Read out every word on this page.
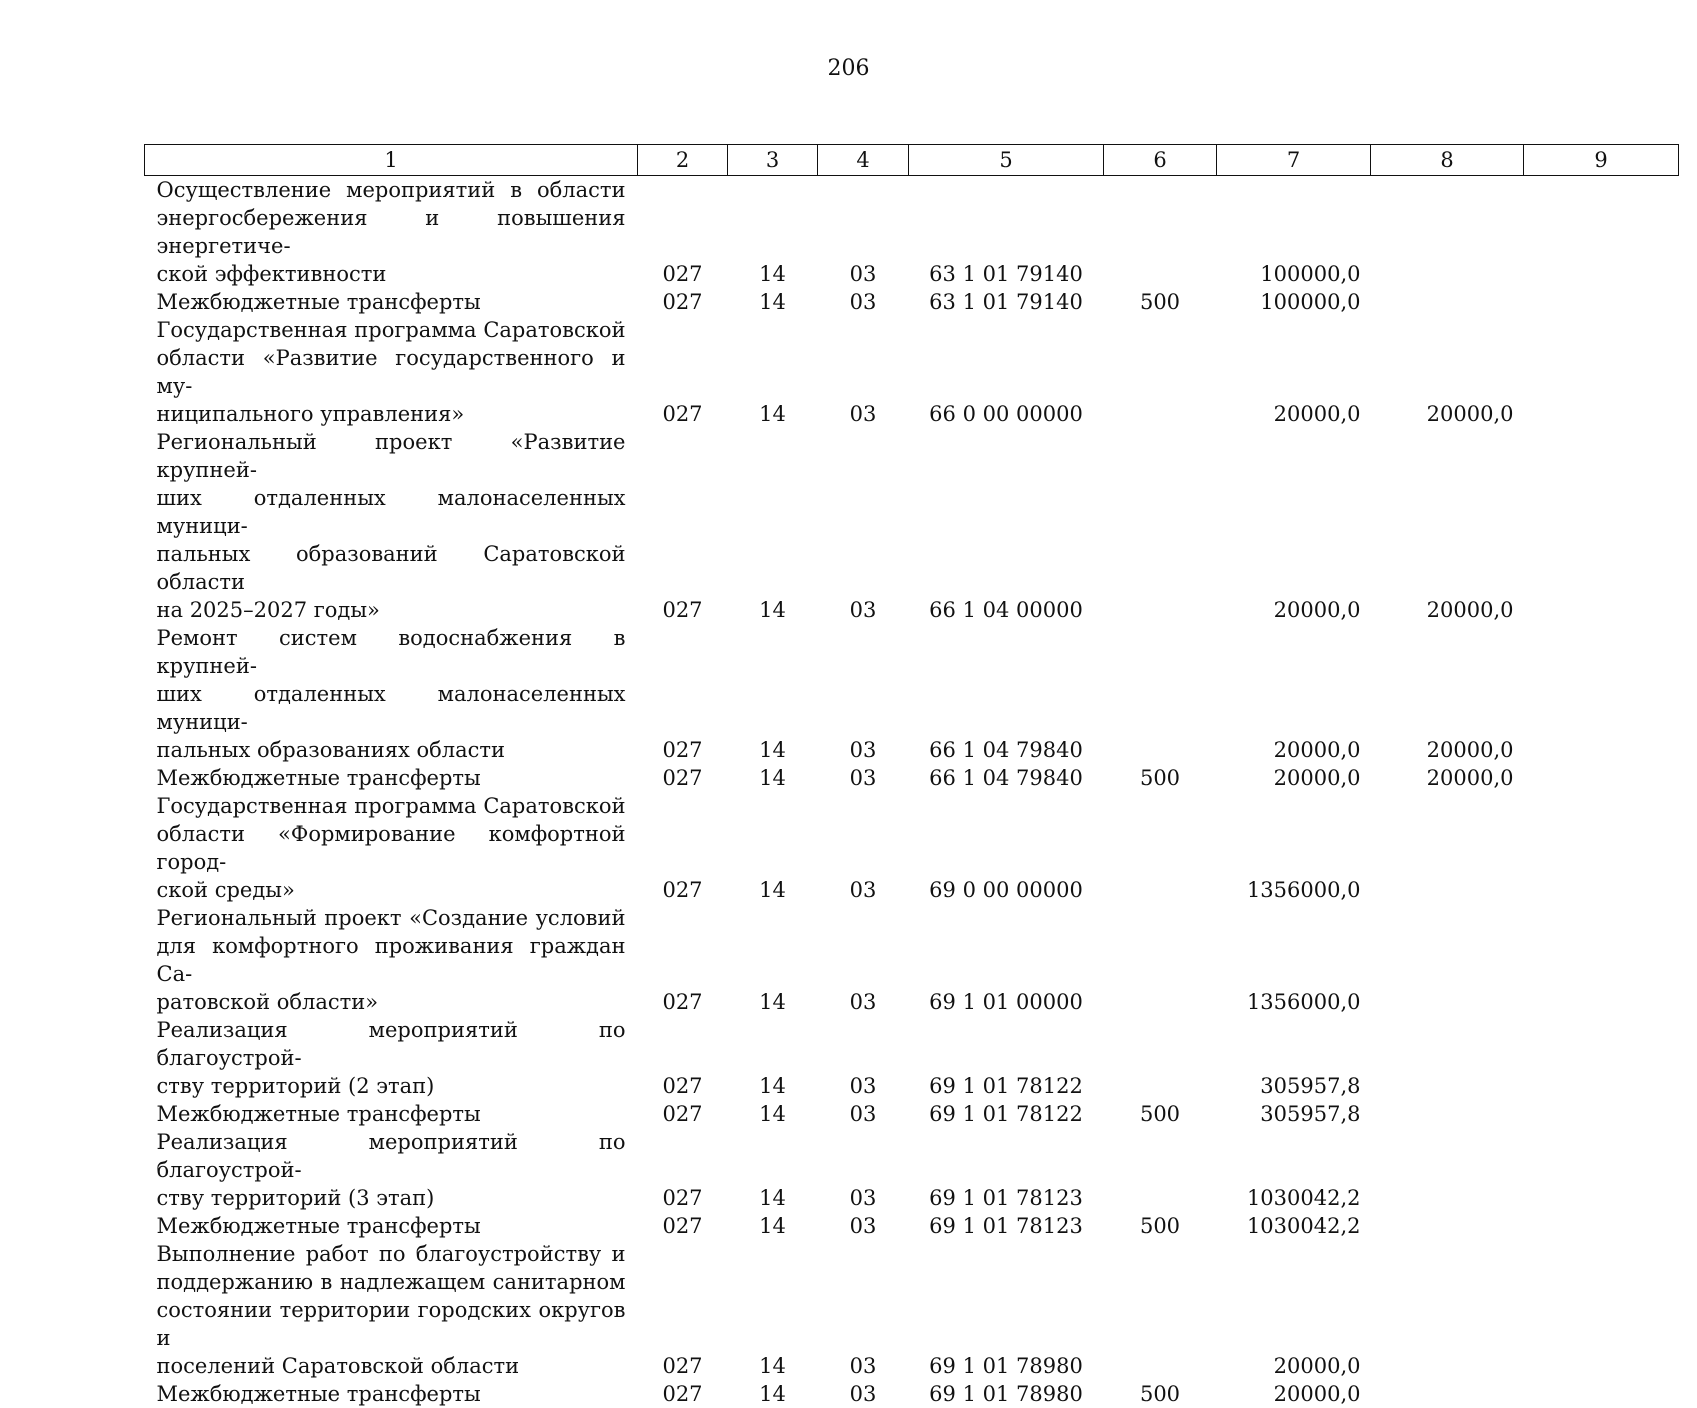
206
1	2	3	4	5	6	7	8	9

Осуществление мероприятий в области
энергосбережения и повышения энергетиче-
ской эффективности	027	14	03	63 1 01 79140		100000,0		

Межбюджетные трансферты	027	14	03	63 1 01 79140	500	100000,0		

Государственная программа Саратовской
области «Развитие государственного и му-
ниципального управления»	027	14	03	66 0 00 00000		20000,0	20000,0	

Региональный проект «Развитие крупней-
ших отдаленных малонаселенных муници-
пальных образований Саратовской области
на 2025–2027 годы»	027	14	03	66 1 04 00000		20000,0	20000,0	

Ремонт систем водоснабжения в крупней-
ших отдаленных малонаселенных муници-
пальных образованиях области	027	14	03	66 1 04 79840		20000,0	20000,0	

Межбюджетные трансферты	027	14	03	66 1 04 79840	500	20000,0	20000,0	

Государственная программа Саратовской
области «Формирование комфортной город-
ской среды»	027	14	03	69 0 00 00000		1356000,0		

Региональный проект «Создание условий
для комфортного проживания граждан Са-
ратовской области»	027	14	03	69 1 01 00000		1356000,0		

Реализация мероприятий по благоустрой-
ству территорий (2 этап)	027	14	03	69 1 01 78122		305957,8		

Межбюджетные трансферты	027	14	03	69 1 01 78122	500	305957,8		

Реализация мероприятий по благоустрой-
ству территорий (3 этап)	027	14	03	69 1 01 78123		1030042,2		

Межбюджетные трансферты	027	14	03	69 1 01 78123	500	1030042,2		

Выполнение работ по благоустройству и
поддержанию в надлежащем санитарном
состоянии территории городских округов и
поселений Саратовской области	027	14	03	69 1 01 78980		20000,0		

Межбюджетные трансферты	027	14	03	69 1 01 78980	500	20000,0		
